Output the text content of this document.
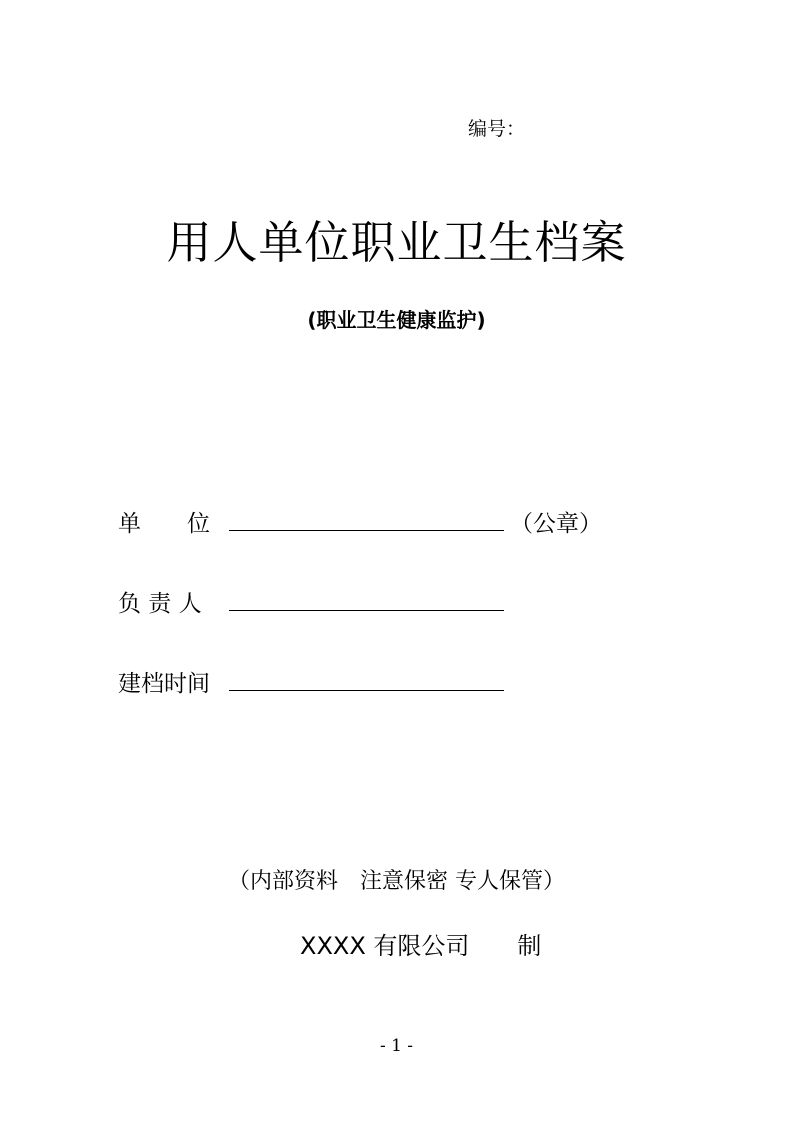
编号：
用人单位职业卫生档案
(职业卫生健康监护)
单　　位	（公章）
负 责 人
建档时间
（内部资料　注意保密 专人保管）
XXXX 有限公司　　制
- 1 -
